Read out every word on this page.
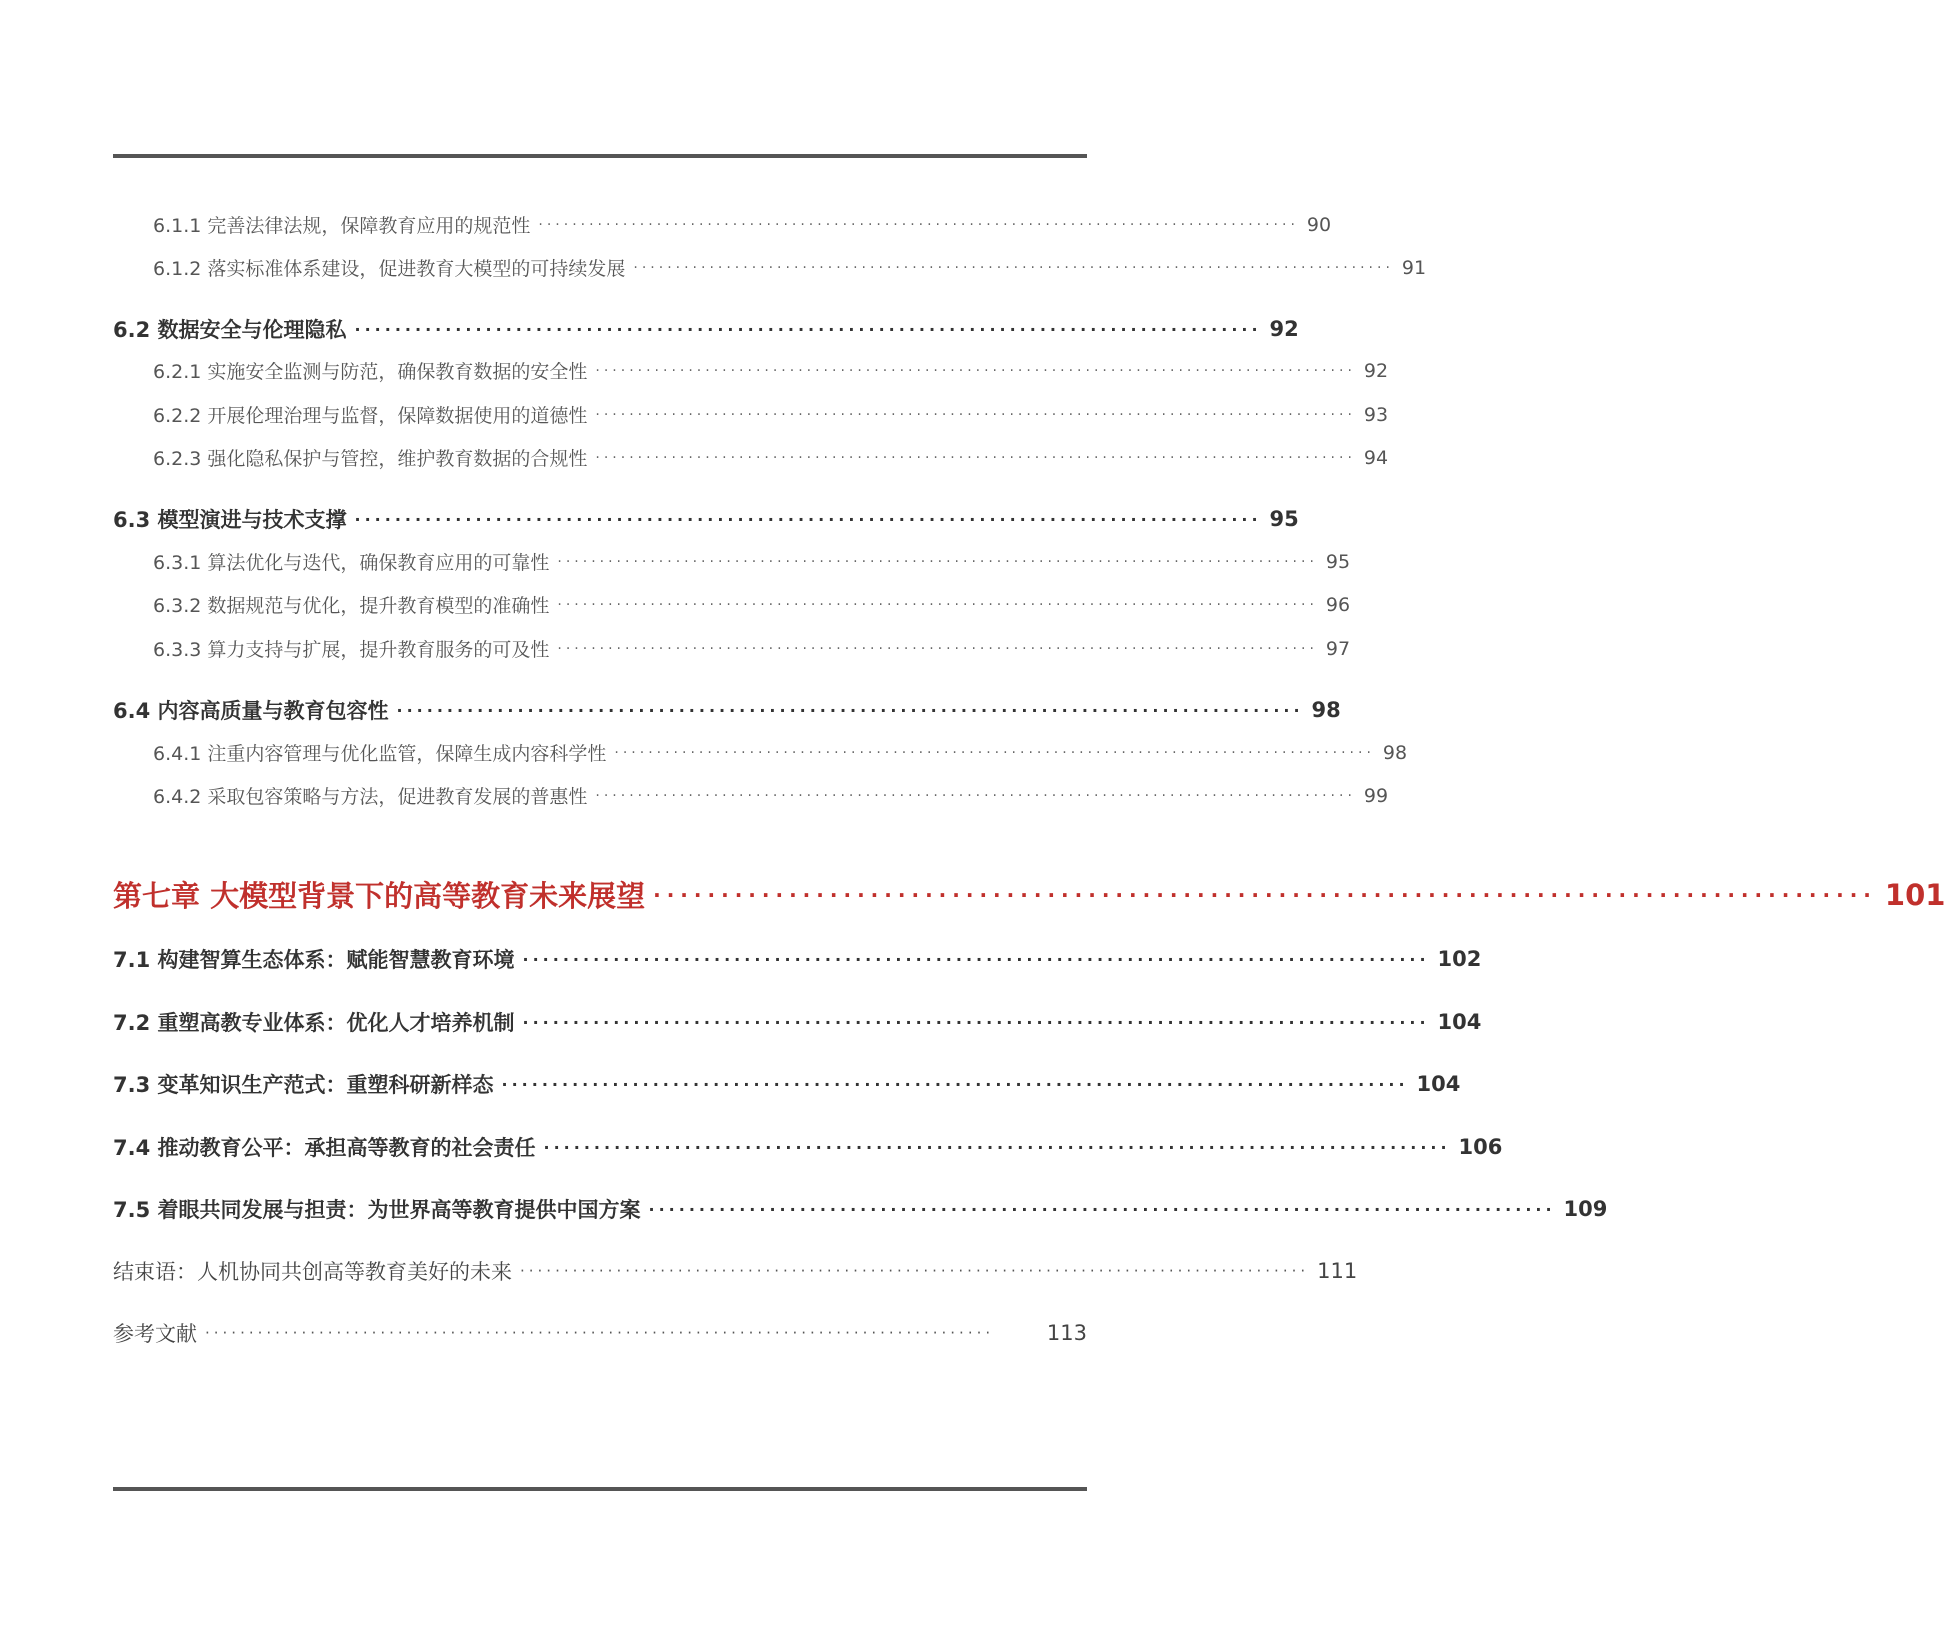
6.1.1 完善法律法规，保障教育应用的规范性 ·························································································· 90
6.1.2 落实标准体系建设，促进教育大模型的可持续发展 ·························································································· 91
6.2 数据安全与伦理隐私 ·························································································· 92
6.2.1 实施安全监测与防范，确保教育数据的安全性 ·························································································· 92
6.2.2 开展伦理治理与监督，保障数据使用的道德性 ·························································································· 93
6.2.3 强化隐私保护与管控，维护教育数据的合规性 ·························································································· 94
6.3 模型演进与技术支撑 ·························································································· 95
6.3.1 算法优化与迭代，确保教育应用的可靠性 ·························································································· 95
6.3.2 数据规范与优化，提升教育模型的准确性 ·························································································· 96
6.3.3 算力支持与扩展，提升教育服务的可及性 ·························································································· 97
6.4 内容高质量与教育包容性 ·························································································· 98
6.4.1 注重内容管理与优化监管，保障生成内容科学性 ·························································································· 98
6.4.2 采取包容策略与方法，促进教育发展的普惠性 ·························································································· 99
第七章 大模型背景下的高等教育未来展望 ·························································································· 101
7.1 构建智算生态体系：赋能智慧教育环境 ·························································································· 102
7.2 重塑高教专业体系：优化人才培养机制 ·························································································· 104
7.3 变革知识生产范式：重塑科研新样态 ·························································································· 104
7.4 推动教育公平：承担高等教育的社会责任 ·························································································· 106
7.5 着眼共同发展与担责：为世界高等教育提供中国方案 ·························································································· 109
结束语：人机协同共创高等教育美好的未来 ·························································································· 111
参考文献 ··························································································	113
